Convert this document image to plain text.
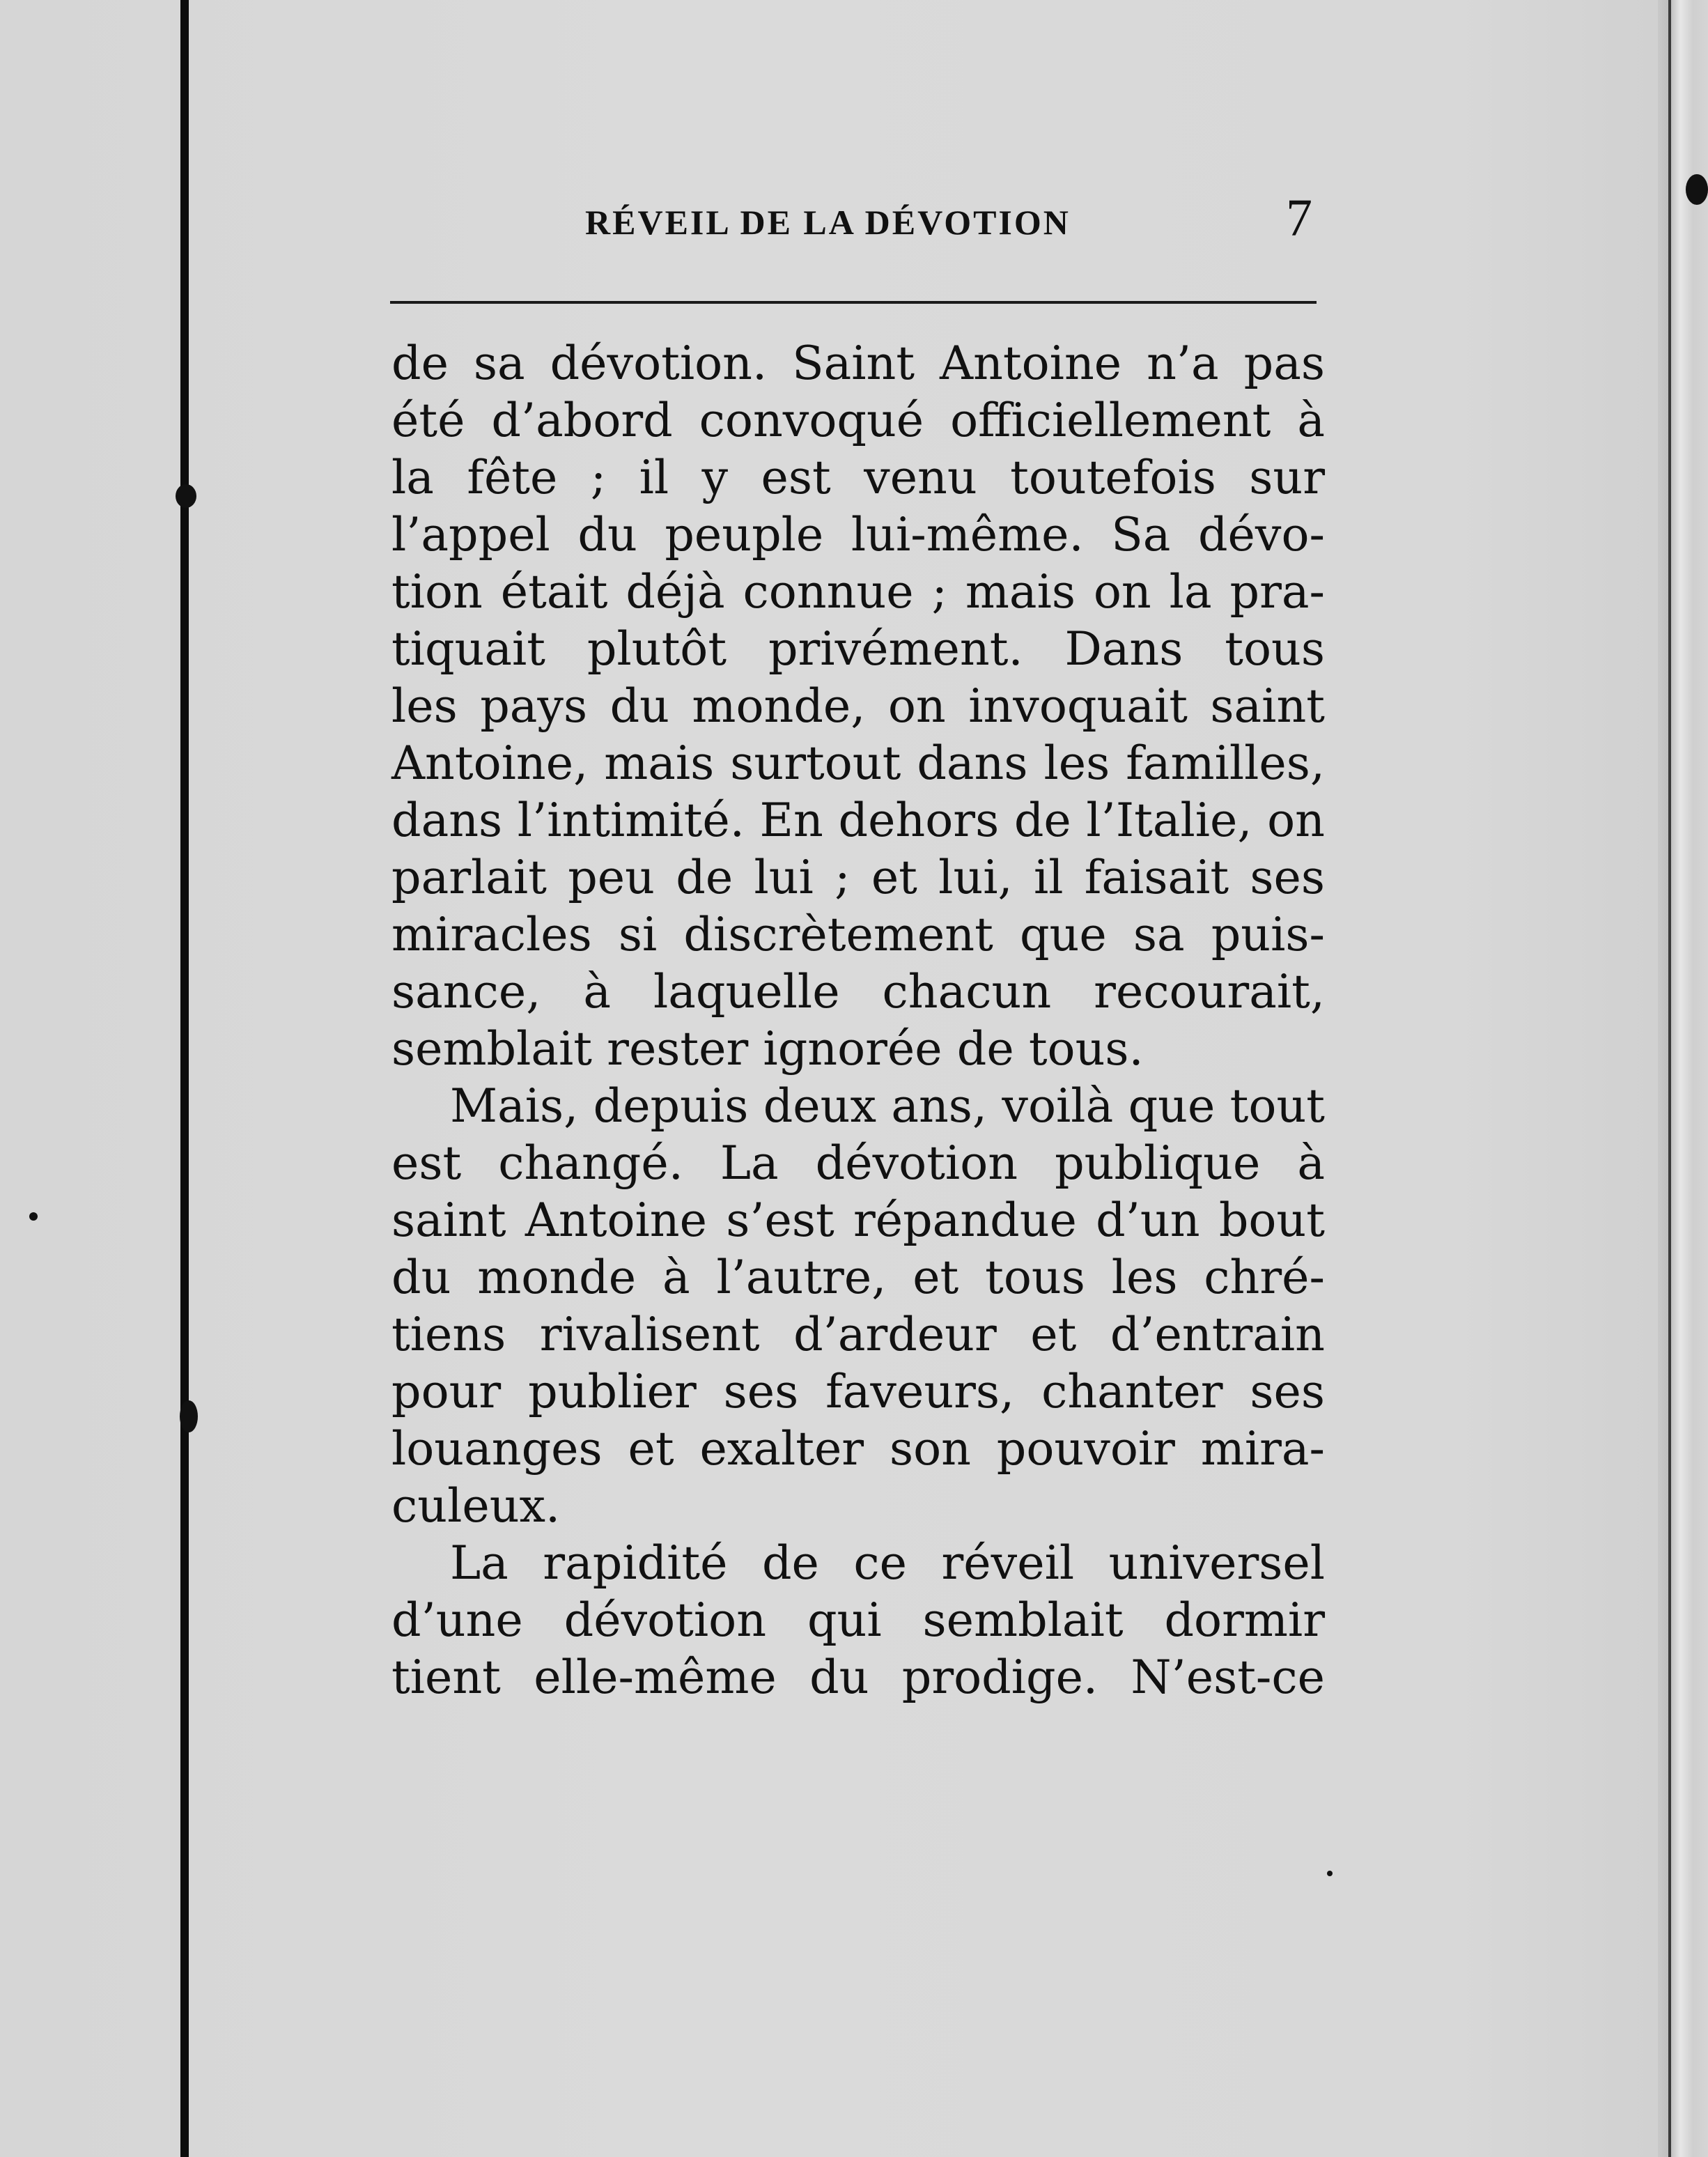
RÉVEIL DE LA DÉVOTION	7
de sa dévotion. Saint Antoine n’a pas
été d’abord convoqué officiellement à
la fête ; il y est venu toutefois sur
l’appel du peuple lui-même. Sa dévo-
tion était déjà connue ; mais on la pra-
tiquait plutôt privément. Dans tous
les pays du monde, on invoquait saint
Antoine, mais surtout dans les familles,
dans l’intimité. En dehors de l’Italie, on
parlait peu de lui ; et lui, il faisait ses
miracles si discrètement que sa puis-
sance, à laquelle chacun recourait,
semblait rester ignorée de tous.
Mais, depuis deux ans, voilà que tout
est changé. La dévotion publique à
saint Antoine s’est répandue d’un bout
du monde à l’autre, et tous les chré-
tiens rivalisent d’ardeur et d’entrain
pour publier ses faveurs, chanter ses
louanges et exalter son pouvoir mira-
culeux.
La rapidité de ce réveil universel
d’une dévotion qui semblait dormir
tient elle-même du prodige. N’est-ce
